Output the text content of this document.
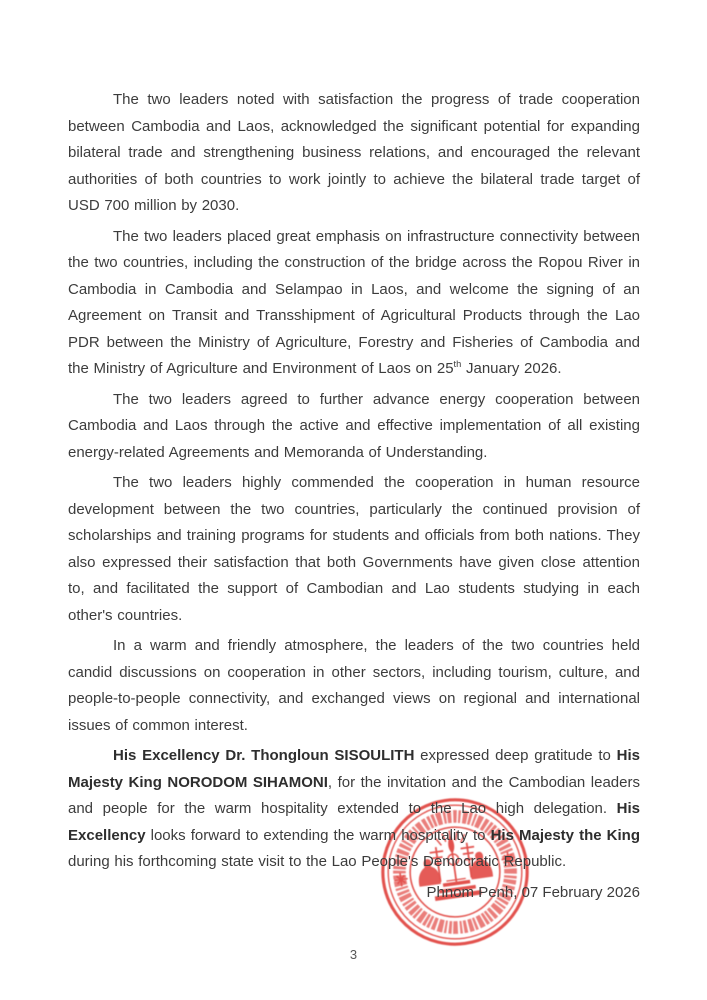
The two leaders noted with satisfaction the progress of trade cooperation between Cambodia and Laos, acknowledged the significant potential for expanding bilateral trade and strengthening business relations, and encouraged the relevant authorities of both countries to work jointly to achieve the bilateral trade target of USD 700 million by 2030.

The two leaders placed great emphasis on infrastructure connectivity between the two countries, including the construction of the bridge across the Ropou River in Cambodia in Cambodia and Selampao in Laos, and welcome the signing of an Agreement on Transit and Transshipment of Agricultural Products through the Lao PDR between the Ministry of Agriculture, Forestry and Fisheries of Cambodia and the Ministry of Agriculture and Environment of Laos on 25th January 2026.

The two leaders agreed to further advance energy cooperation between Cambodia and Laos through the active and effective implementation of all existing energy-related Agreements and Memoranda of Understanding.

The two leaders highly commended the cooperation in human resource development between the two countries, particularly the continued provision of scholarships and training programs for students and officials from both nations. They also expressed their satisfaction that both Governments have given close attention to, and facilitated the support of Cambodian and Lao students studying in each other's countries.

In a warm and friendly atmosphere, the leaders of the two countries held candid discussions on cooperation in other sectors, including tourism, culture, and people-to-people connectivity, and exchanged views on regional and international issues of common interest.

His Excellency Dr. Thongloun SISOULITH expressed deep gratitude to His Majesty King NORODOM SIHAMONI, for the invitation and the Cambodian leaders and people for the warm hospitality extended to the Lao high delegation. His Excellency looks forward to extending the warm hospitality to His Majesty the King during his forthcoming state visit to the Lao People's Democratic Republic.

Phnom Penh, 07 February 2026
3
